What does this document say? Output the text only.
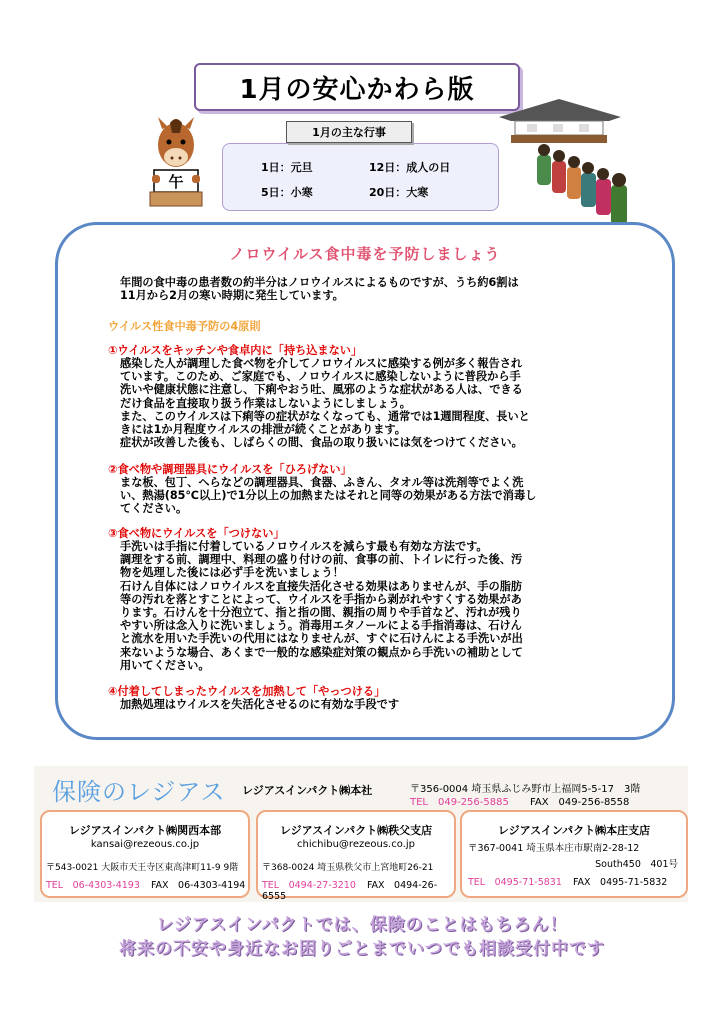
1月の安心かわら版
午
1月の主な行事
1日：元旦	12日：成人の日
5日：小寒	20日：大寒
ノロウイルス食中毒を予防しましょう
年間の食中毒の患者数の約半分はノロウイルスによるものですが、うち約6割は
11月から2月の寒い時期に発生しています。
ウイルス性食中毒予防の4原則
①ウイルスをキッチンや食卓内に「持ち込まない」
感染した人が調理した食べ物を介してノロウイルスに感染する例が多く報告され
ています。このため、ご家庭でも、ノロウイルスに感染しないように普段から手
洗いや健康状態に注意し、下痢やおう吐、風邪のような症状がある人は、できる
だけ食品を直接取り扱う作業はしないようにしましょう。
また、このウイルスは下痢等の症状がなくなっても、通常では1週間程度、長いと
きには1か月程度ウイルスの排泄が続くことがあります。
症状が改善した後も、しばらくの間、食品の取り扱いには気をつけてください。
②食べ物や調理器具にウイルスを「ひろげない」
まな板、包丁、へらなどの調理器具、食器、ふきん、タオル等は洗剤等でよく洗
い、熱湯(85℃以上)で1分以上の加熱またはそれと同等の効果がある方法で消毒し
てください。
③食べ物にウイルスを「つけない」
手洗いは手指に付着しているノロウイルスを減らす最も有効な方法です。
調理をする前、調理中、料理の盛り付けの前、食事の前、トイレに行った後、汚
物を処理した後には必ず手を洗いましょう！
石けん自体にはノロウイルスを直接失活化させる効果はありませんが、手の脂肪
等の汚れを落とすことによって、ウイルスを手指から剥がれやすくする効果があ
ります。石けんを十分泡立て、指と指の間、親指の周りや手首など、汚れが残り
やすい所は念入りに洗いましょう。消毒用エタノールによる手指消毒は、石けん
と流水を用いた手洗いの代用にはなりませんが、すぐに石けんによる手洗いが出
来ないような場合、あくまで一般的な感染症対策の観点から手洗いの補助として
用いてください。
④付着してしまったウイルスを加熱して「やっつける」
加熱処理はウイルスを失活化させるのに有効な手段です
保険のレジアス レジアスインパクト㈱本社	〒356-0004 埼玉県ふじみ野市上福岡5-5-17　3階
TEL　049-256-5885 FAX　049-256-8558
レジアスインパクト㈱関西本部
kansai@rezeous.co.jp
〒543-0021 大阪市天王寺区東高津町11-9 9階
TEL　06-4303-4193 FAX　06-4303-4194
レジアスインパクト㈱秩父支店
chichibu@rezeous.co.jp
〒368-0024 埼玉県秩父市上宮地町26-21
TEL　0494-27-3210 FAX　0494-26-6555
レジアスインパクト㈱本庄支店
〒367-0041 埼玉県本庄市駅南2-28-12
South450　401号
TEL　0495-71-5831 FAX　0495-71-5832
レジアスインパクトでは、保険のことはもちろん！
将来の不安や身近なお困りごとまでいつでも相談受付中です
